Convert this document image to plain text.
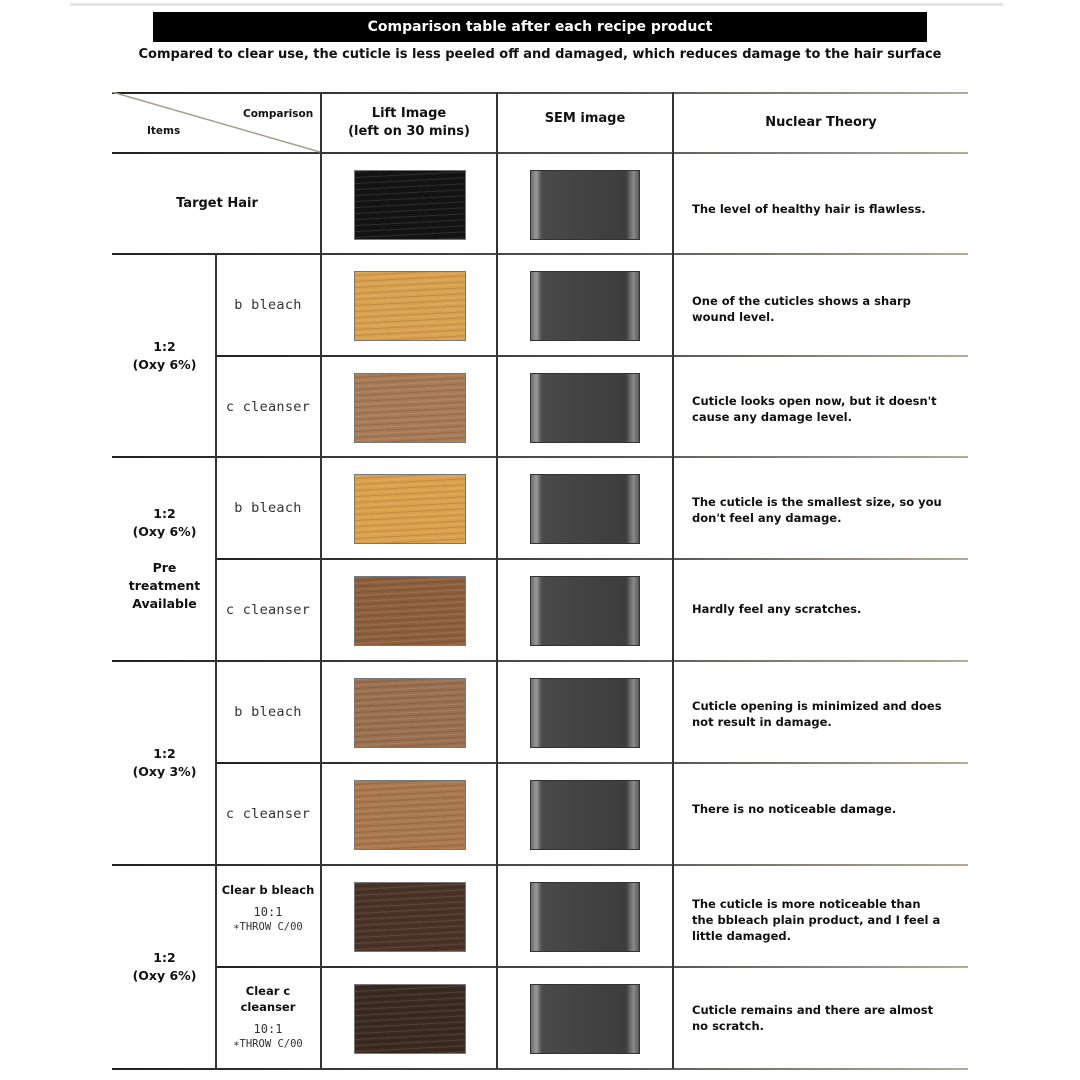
Comparison table after each recipe product
Compared to clear use, the cuticle is less peeled off and damaged, which reduces damage to the hair surface
Comparison
Items
Lift Image
(left on 30 mins)
SEM image	Nuclear Theory
Target Hair
1:2
(Oxy 6%)
1:2
(Oxy 6%)

Pre
treatment
Available
1:2
(Oxy 3%)
1:2
(Oxy 6%)
b bleach
c cleanser
b bleach
c cleanser
b bleach
c cleanser
Clear b bleach
10:1
∗THROW C/00
Clear c cleanser
10:1
∗THROW C/00
The level of healthy hair is flawless.
One of the cuticles shows a sharp wound level.
Cuticle looks open now, but it doesn't cause any damage level.
The cuticle is the smallest size, so you don't feel any damage.
Hardly feel any scratches.
Cuticle opening is minimized and does not result in damage.
There is no noticeable damage.
The cuticle is more noticeable than the bbleach plain product, and I feel a little damaged.
Cuticle remains and there are almost no scratch.
